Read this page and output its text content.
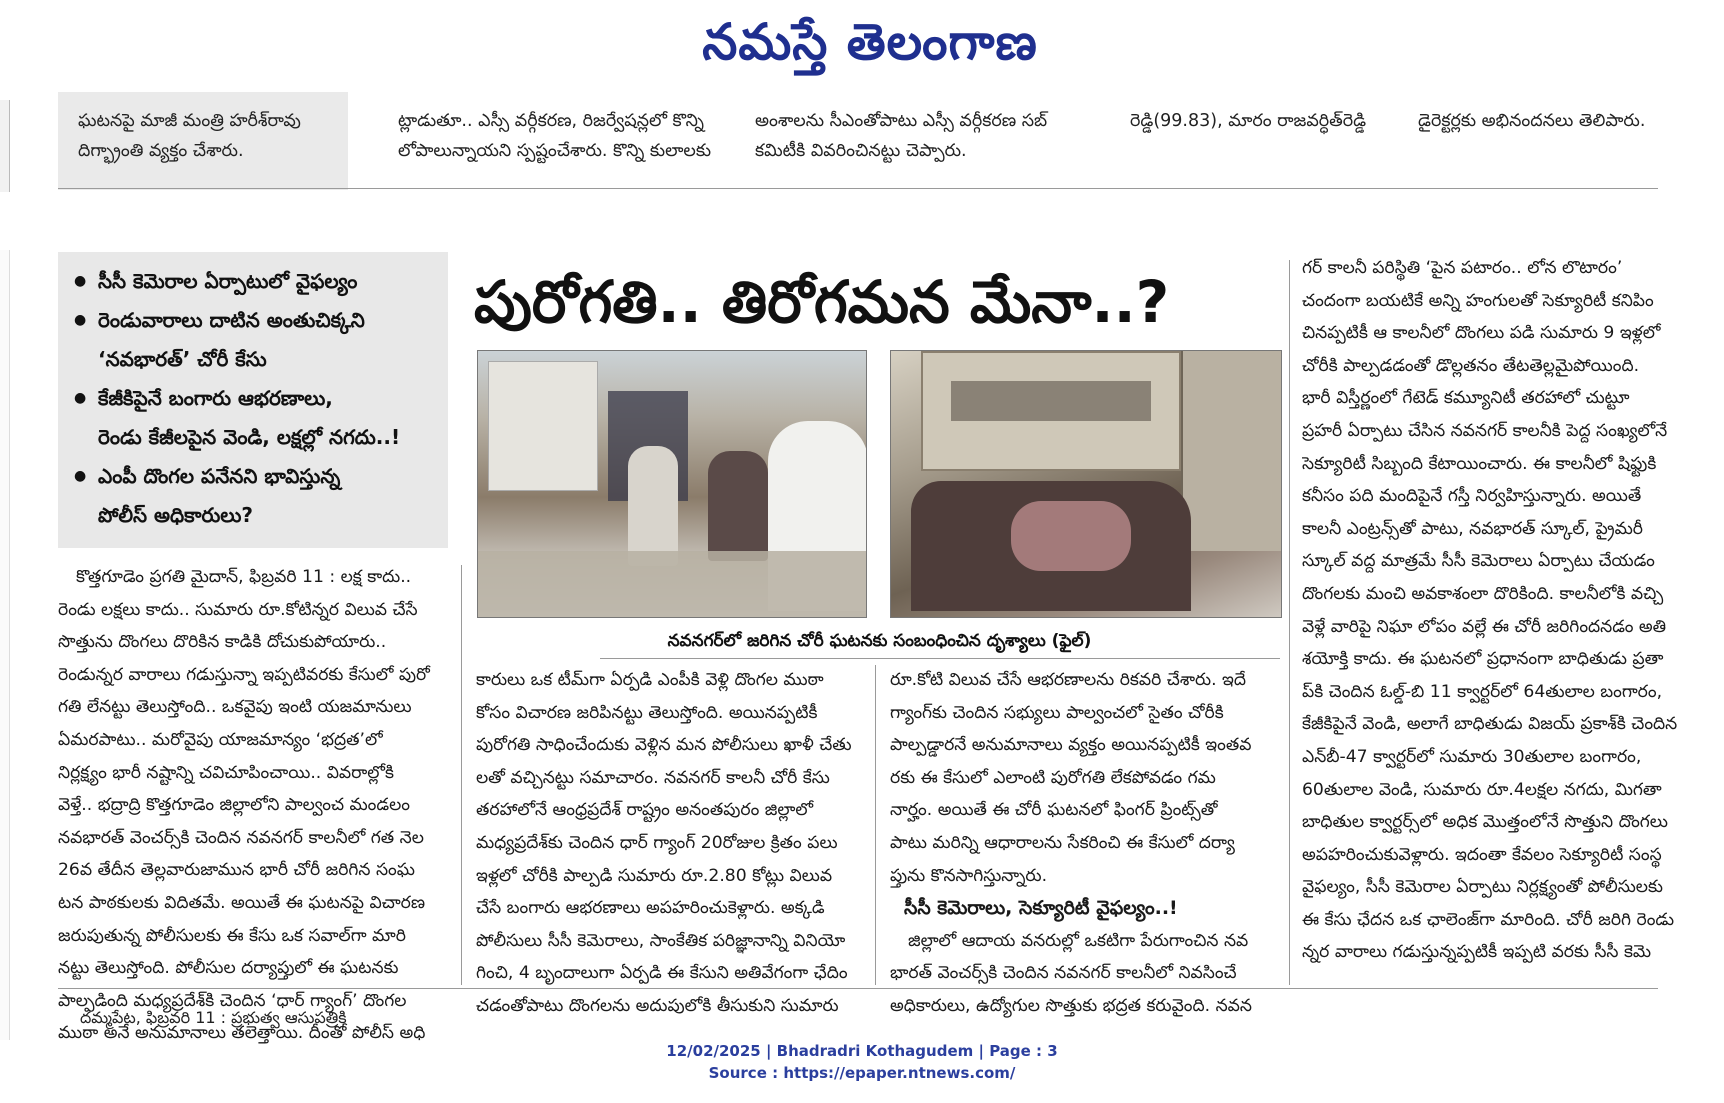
నమస్తే తెలంగాణ

ఘటనపై మాజీ మంత్రి హరీశ్‌రావు

దిగ్భ్రాంతి వ్యక్తం చేశారు.

ట్లాడుతూ.. ఎస్సీ వర్గీకరణ, రిజర్వేషన్లలో కొన్ని

లోపాలున్నాయని స్పష్టంచేశారు. కొన్ని కులాలకు

అంశాలను సీఎంతోపాటు ఎస్సీ వర్గీకరణ సబ్

కమిటీకి వివరించినట్టు చెప్పారు.

రెడ్డి(99.83), మారం రాజవర్ధిత్‌రెడ్డి

	డైరెక్టర్లకు అభినందనలు తెలిపారు.

● సీసీ కెమెరాల ఏర్పాటులో వైఫల్యం
● రెండువారాలు దాటిన అంతుచిక్కని
‘నవభారత్’ చోరీ కేసు
● కేజీకిపైనే బంగారు ఆభరణాలు,
రెండు కేజీలపైన వెండి, లక్షల్లో నగదు..!
● ఎంపీ దొంగల పనేనని భావిస్తున్న
పోలీస్ అధికారులు?
పురోగతి.. తిరోగమన మేనా..?
నవనగర్‌లో జరిగిన చోరీ ఘటనకు సంబంధించిన దృశ్యాలు (ఫైల్)

కొత్తగూడెం ప్రగతి మైదాన్, ఫిబ్రవరి 11 : లక్ష కాదు..

రెండు లక్షలు కాదు.. సుమారు రూ.కోటిన్నర విలువ చేసే

సొత్తును దొంగలు దొరికిన కాడికి దోచుకుపోయారు..

రెండున్నర వారాలు గడుస్తున్నా ఇప్పటివరకు కేసులో పురో

గతి లేనట్టు తెలుస్తోంది.. ఒకవైపు ఇంటి యజమానులు

ఏమరపాటు.. మరోవైపు యాజమాన్యం ‘భద్రత’లో

నిర్లక్ష్యం భారీ నష్టాన్ని చవిచూపించాయి.. వివరాల్లోకి

వెళ్తే.. భద్రాద్రి కొత్తగూడెం జిల్లాలోని పాల్వంచ మండలం

నవభారత్ వెంచర్స్‌కి చెందిన నవనగర్ కాలనీలో గత నెల

26వ తేదీన తెల్లవారుజామున భారీ చోరీ జరిగిన సంఘ

టన పాఠకులకు విదితమే. అయితే ఈ ఘటనపై విచారణ

జరుపుతున్న పోలీసులకు ఈ కేసు ఒక సవాల్‌గా మారి

నట్టు తెలుస్తోంది. పోలీసుల దర్యాప్తులో ఈ ఘటనకు

పాల్పడింది మధ్యప్రదేశ్‌కి చెందిన ‘ధార్ గ్యాంగ్’ దొంగల

ముఠా అనే అనుమానాలు తలెత్తాయి. దీంతో పోలీస్ అధి

కారులు ఒక టీమ్‌గా ఏర్పడి ఎంపీకి వెళ్లి దొంగల ముఠా

కోసం విచారణ జరిపినట్టు తెలుస్తోంది. అయినప్పటికీ

పురోగతి సాధించేందుకు వెళ్లిన మన పోలీసులు ఖాళీ చేతు

లతో వచ్చినట్టు సమాచారం. నవనగర్ కాలనీ చోరీ కేసు

తరహాలోనే ఆంధ్రప్రదేశ్ రాష్ట్రం అనంతపురం జిల్లాలో

మధ్యప్రదేశ్‌కు చెందిన ధార్ గ్యాంగ్ 20రోజుల క్రితం పలు

ఇళ్లలో చోరీకి పాల్పడి సుమారు రూ.2.80 కోట్లు విలువ

చేసే బంగారు ఆభరణాలు అపహరించుకెళ్లారు. అక్కడి

పోలీసులు సీసీ కెమెరాలు, సాంకేతిక పరిజ్ఞానాన్ని వినియో

గించి, 4 బృందాలుగా ఏర్పడి ఈ కేసుని అతివేగంగా ఛేదిం

చడంతోపాటు దొంగలను అదుపులోకి తీసుకుని సుమారు

రూ.కోటి విలువ చేసే ఆభరణాలను రికవరి చేశారు. ఇదే

గ్యాంగ్‌కు చెందిన సభ్యులు పాల్వంచలో సైతం చోరీకి

పాల్పడ్డారనే అనుమానాలు వ్యక్తం అయినప్పటికీ ఇంతవ

రకు ఈ కేసులో ఎలాంటి పురోగతి లేకపోవడం గమ

నార్హం. అయితే ఈ చోరీ ఘటనలో ఫింగర్ ప్రింట్స్‌తో

పాటు మరిన్ని ఆధారాలను సేకరించి ఈ కేసులో దర్యా

ప్తును కొనసాగిస్తున్నారు.

సీసీ కెమెరాలు, సెక్యూరిటీ వైఫల్యం..!

జిల్లాలో ఆదాయ వనరుల్లో ఒకటిగా పేరుగాంచిన నవ

భారత్ వెంచర్స్‌కి చెందిన నవనగర్ కాలనీలో నివసించే

అధికారులు, ఉద్యోగుల సొత్తుకు భద్రత కరువైంది. నవన

గర్ కాలనీ పరిస్థితి ‘పైన పటారం.. లోన లొటారం’

చందంగా బయటికే అన్ని హంగులతో సెక్యూరిటీ కనిపిం

చినప్పటికీ ఆ కాలనీలో దొంగలు పడి సుమారు 9 ఇళ్లలో

చోరీకి పాల్పడడంతో డొల్లతనం తేటతెల్లమైపోయింది.

భారీ విస్తీర్ణంలో గేటెడ్ కమ్యూనిటీ తరహాలో చుట్టూ

ప్రహరీ ఏర్పాటు చేసిన నవనగర్ కాలనీకి పెద్ద సంఖ్యలోనే

సెక్యూరిటీ సిబ్బంది కేటాయించారు. ఈ కాలనీలో షిఫ్టుకి

కనీసం పది మందిపైనే గస్తీ నిర్వహిస్తున్నారు. అయితే

కాలనీ ఎంట్రన్స్‌తో పాటు, నవభారత్ స్కూల్, ప్రైమరీ

స్కూల్ వద్ద మాత్రమే సీసీ కెమెరాలు ఏర్పాటు చేయడం

దొంగలకు మంచి అవకాశంలా దొరికింది. కాలనీలోకి వచ్చి

వెళ్లే వారిపై నిఘా లోపం వల్లే ఈ చోరీ జరిగిందనడం అతి

శయోక్తి కాదు. ఈ ఘటనలో ప్రధానంగా బాధితుడు ప్రతా

ప్‌కి చెందిన ఓల్డ్-బి 11 క్వార్టర్‌లో 64తులాల బంగారం,

కేజీకిపైనే వెండి, అలాగే బాధితుడు విజయ్ ప్రకాశ్‌కి చెందిన

ఎన్‌బీ-47 క్వార్టర్‌లో సుమారు 30తులాల బంగారం,

60తులాల వెండి, సుమారు రూ.4లక్షల నగదు, మిగతా

బాధితుల క్వార్టర్స్‌లో అధిక మొత్తంలోనే సొత్తుని దొంగలు

అపహరించుకువెళ్లారు. ఇదంతా కేవలం సెక్యూరిటీ సంస్థ

వైఫల్యం, సీసీ కెమెరాల ఏర్పాటు నిర్లక్ష్యంతో పోలీసులకు

ఈ కేసు ఛేదన ఒక ఛాలెంజ్‌గా మారింది. చోరీ జరిగి రెండు

న్నర వారాలు గడుస్తున్నప్పటికీ ఇప్పటి వరకు సీసీ కెమె

దమ్మపేట, ఫిబ్రవరి 11 : ప్రభుత్వ ఆసుపత్రికి
12/02/2025 | Bhadradri Kothagudem | Page : 3
Source : https://epaper.ntnews.com/
